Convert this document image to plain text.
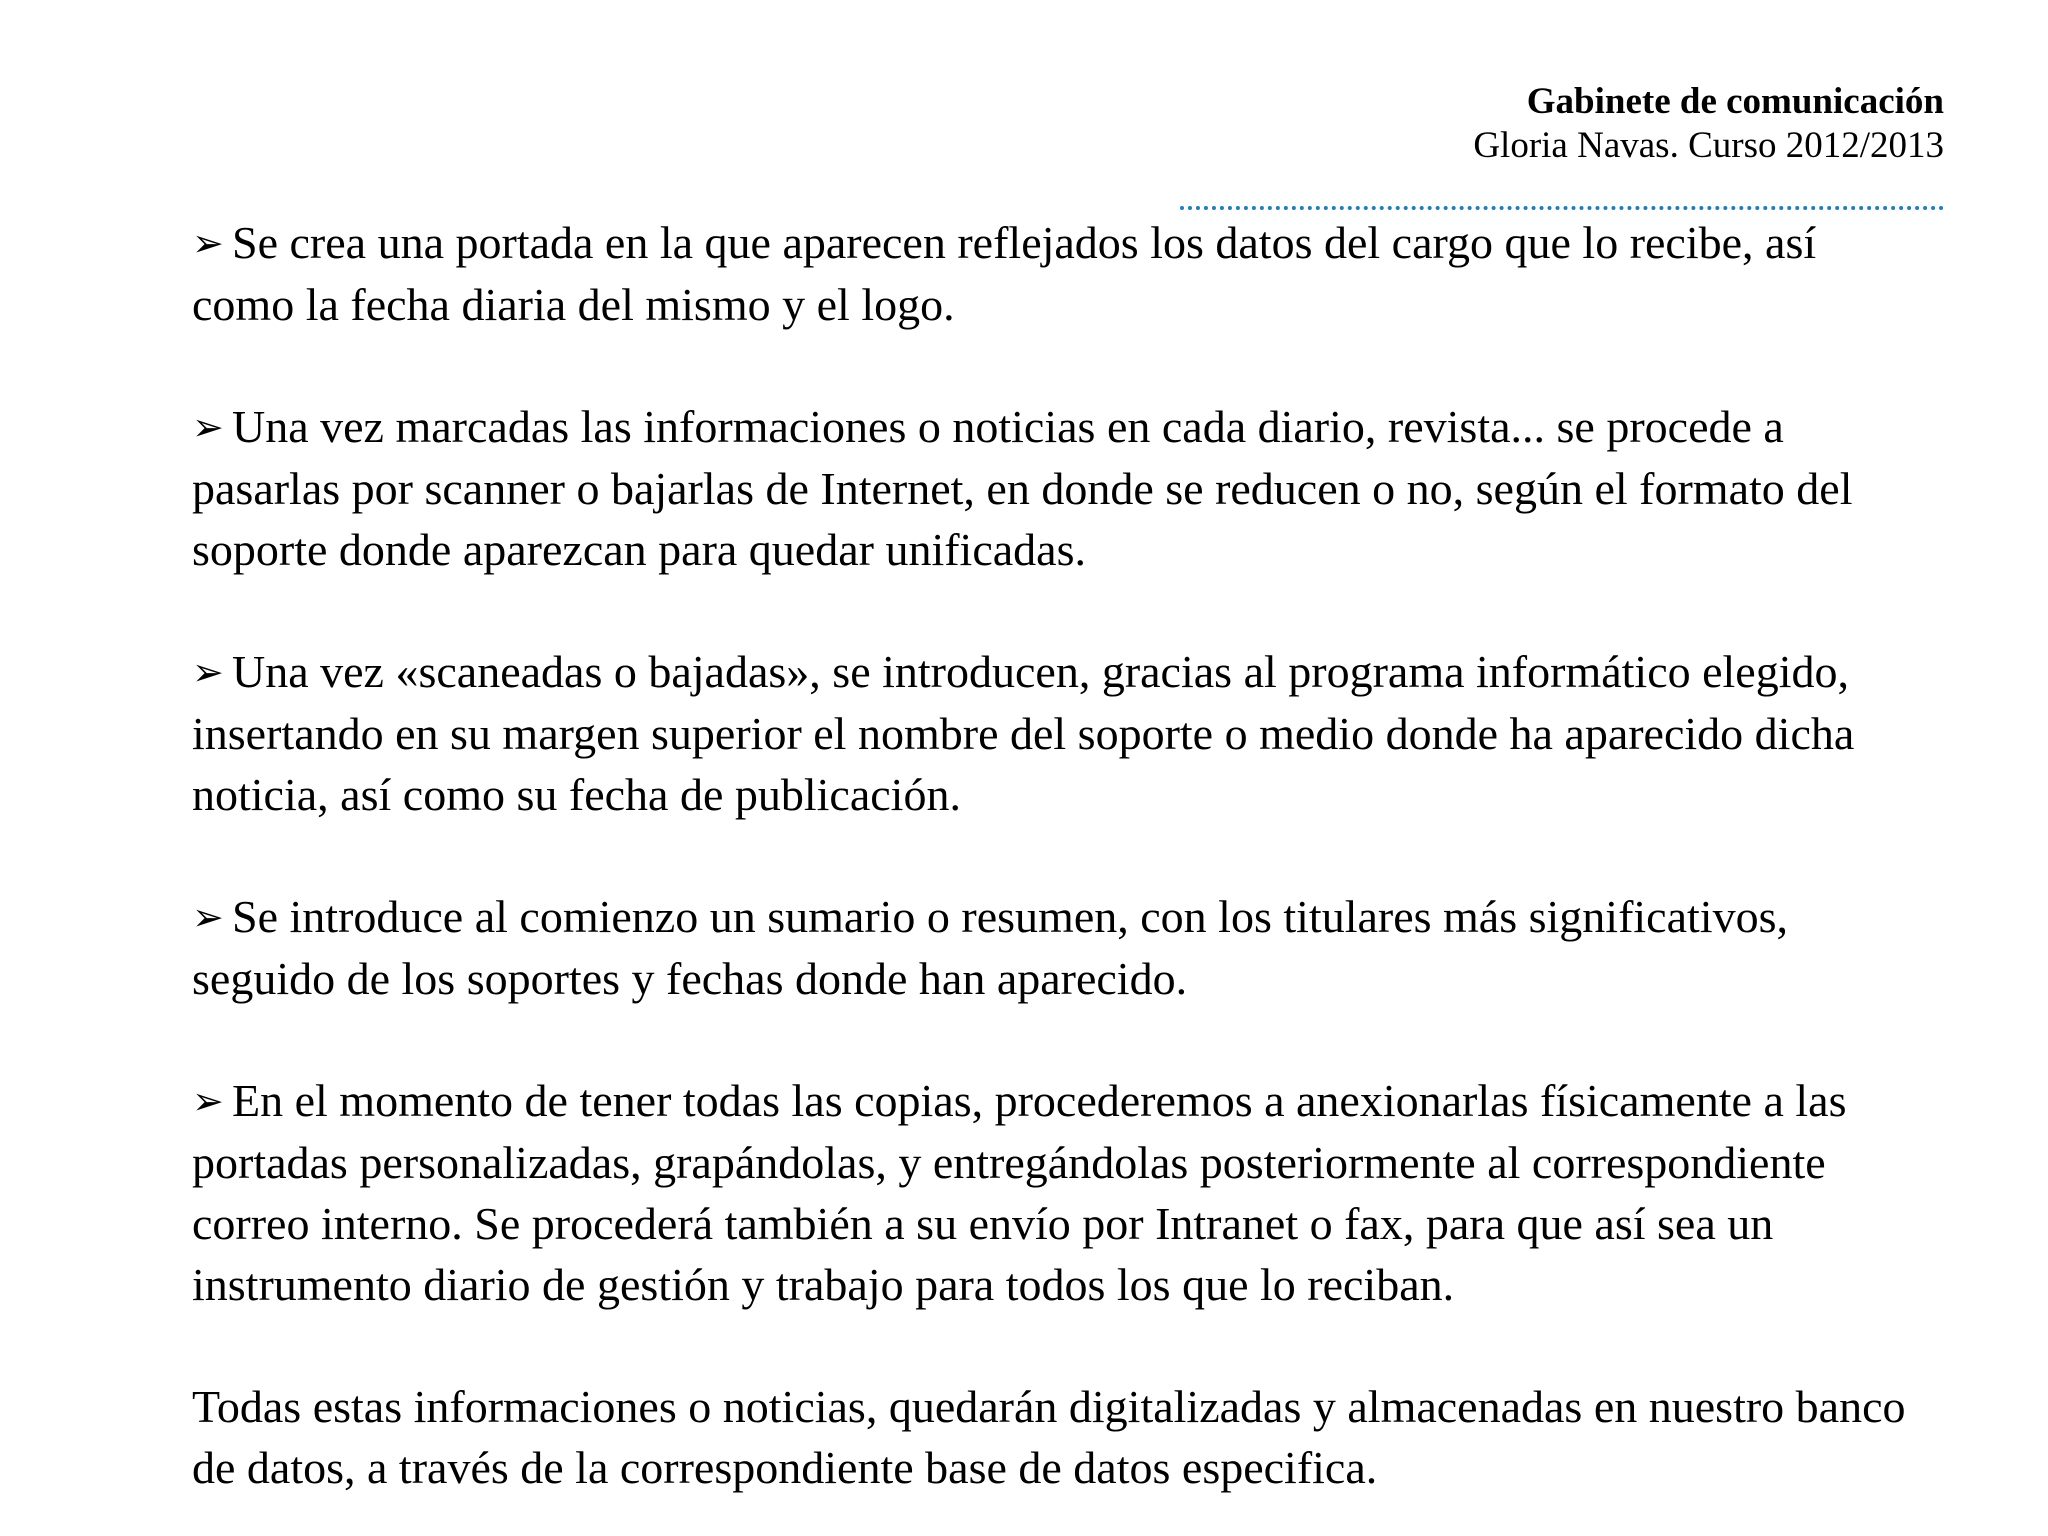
Gabinete de comunicación
Gloria Navas. Curso 2012/2013

➢ Se crea una portada en la que aparecen reflejados los datos del cargo que lo recibe, así como la fecha diaria del mismo y el logo.

➢ Una vez marcadas las informaciones o noticias en cada diario, revista... se procede a pasarlas por scanner o bajarlas de Internet, en donde se reducen o no, según el formato del soporte donde aparezcan para quedar unificadas.

➢ Una vez «scaneadas o bajadas», se introducen, gracias al programa informático elegido, insertando en su margen superior el nombre del soporte o medio donde ha aparecido dicha noticia, así como su fecha de publicación.

➢ Se introduce al comienzo un sumario o resumen, con los titulares más significativos, seguido de los soportes y fechas donde han aparecido.

➢ En el momento de tener todas las copias, procederemos a anexionarlas físicamente a las portadas personalizadas, grapándolas, y entregándolas posteriormente al correspondiente correo interno. Se procederá también a su envío por Intranet o fax, para que así sea un instrumento diario de gestión y trabajo para todos los que lo reciban.

Todas estas informaciones o noticias, quedarán digitalizadas y almacenadas en nuestro banco de datos, a través de la correspondiente base de datos especifica.
